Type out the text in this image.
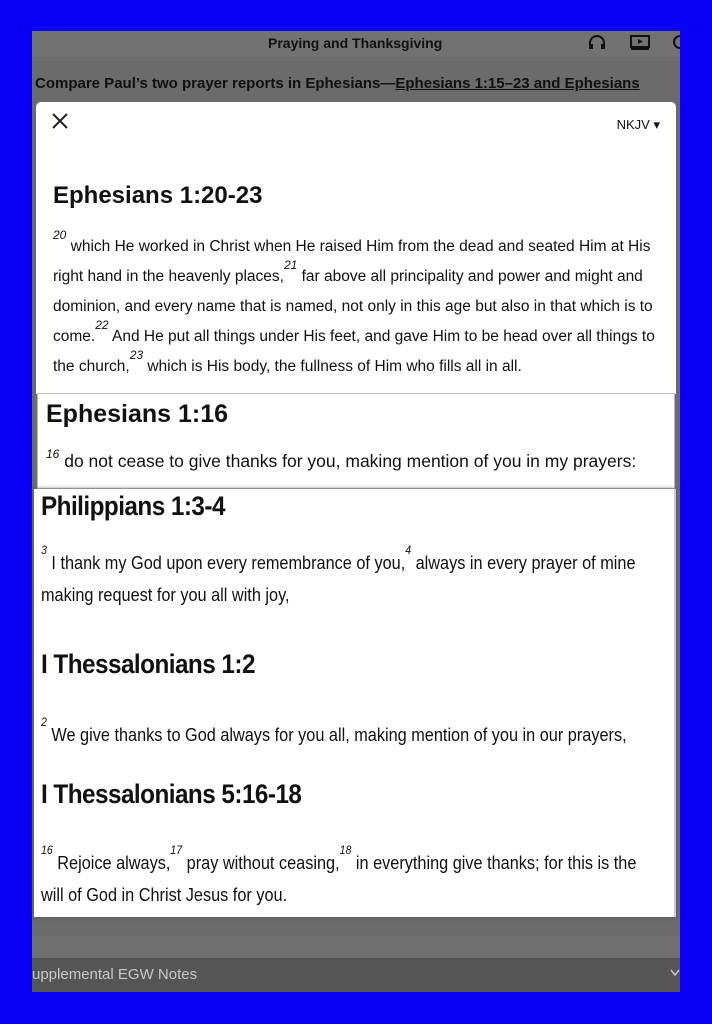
Praying and Thanksgiving
Compare Paul’s two prayer reports in Ephesians—Ephesians 1:15–23 and Ephesians
upplemental EGW Notes
NKJV ▾
Ephesians 1:20-23

$^{20}$ which He worked in Christ when He raised Him from the dead and seated Him at His right hand in the heavenly places,$^{21}$ far above all principality and power and might and dominion, and every name that is named, not only in this age but also in that which is to come.$^{22}$ And He put all things under His feet, and gave Him to be head over all things to the church,$^{23}$ which is His body, the fullness of Him who fills all in all.

Ephesians 1:16
$^{16}$ do not cease to give thanks for you, making mention of you in my prayers:
Philippians 1:3-4
$^3$ I thank my God upon every remembrance of you,$^4$ always in every prayer of mine making request for you all with joy,
I Thessalonians 1:2
$^2$ We give thanks to God always for you all, making mention of you in our prayers,
I Thessalonians 5:16-18
$^{16}$ Rejoice always,$^{17}$ pray without ceasing,$^{18}$ in everything give thanks; for this is the will of God in Christ Jesus for you.
